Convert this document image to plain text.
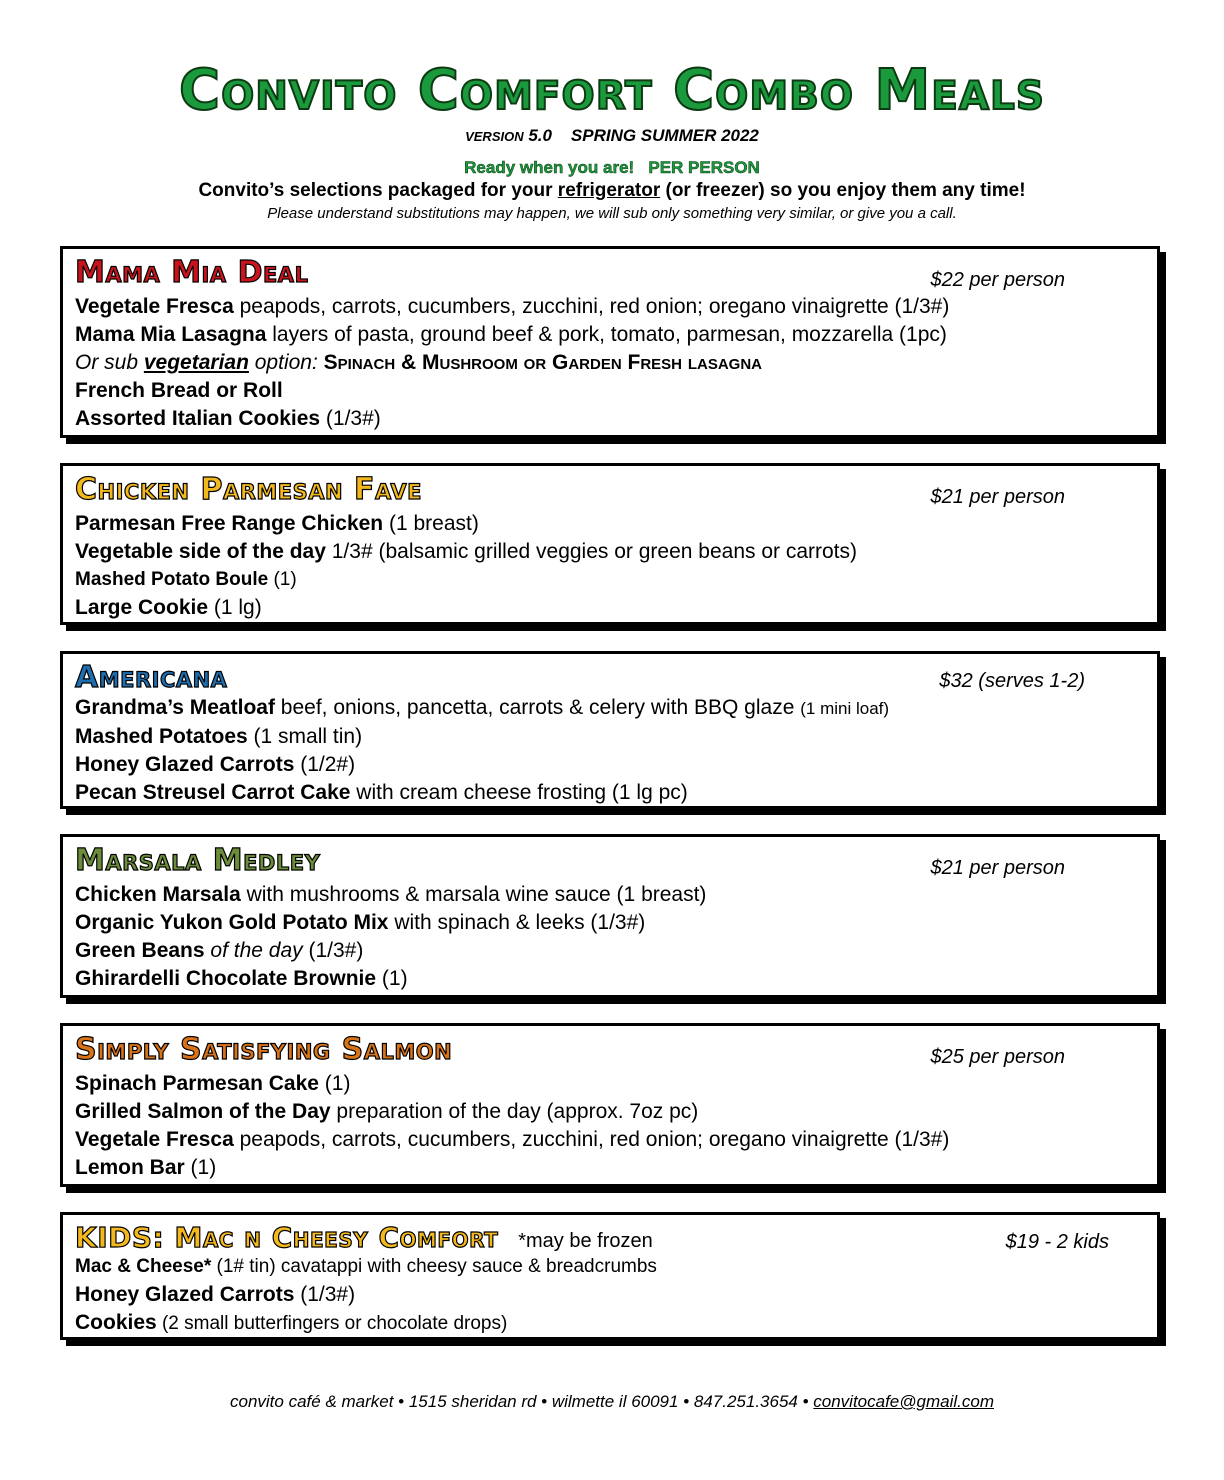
Convito Comfort Combo Meals
VERSION 5.0 SPRING SUMMER 2022
Ready when you are!   PER PERSON
Convito’s selections packaged for your refrigerator (or freezer) so you enjoy them any time!
Please understand substitutions may happen, we will sub only something very similar, or give you a call.
Mama Mia Deal	$22 per person
Vegetale Fresca peapods, carrots, cucumbers, zucchini, red onion; oregano vinaigrette (1/3#)
Mama Mia Lasagna layers of pasta, ground beef & pork, tomato, parmesan, mozzarella (1pc)
Or sub vegetarian option: Spinach & Mushroom or Garden Fresh lasagna
French Bread or Roll
Assorted Italian Cookies (1/3#)
Chicken Parmesan Fave	$21 per person
Parmesan Free Range Chicken (1 breast)
Vegetable side of the day 1/3# (balsamic grilled veggies or green beans or carrots)
Mashed Potato Boule (1)
Large Cookie (1 lg)
Americana	$32 (serves 1-2)
Grandma’s Meatloaf beef, onions, pancetta, carrots & celery with BBQ glaze (1 mini loaf)
Mashed Potatoes (1 small tin)
Honey Glazed Carrots (1/2#)
Pecan Streusel Carrot Cake with cream cheese frosting (1 lg pc)
Marsala Medley	$21 per person
Chicken Marsala with mushrooms & marsala wine sauce (1 breast)
Organic Yukon Gold Potato Mix with spinach & leeks (1/3#)
Green Beans of the day (1/3#)
Ghirardelli Chocolate Brownie (1)
Simply Satisfying Salmon	$25 per person
Spinach Parmesan Cake (1)
Grilled Salmon of the Day preparation of the day (approx. 7oz pc)
Vegetale Fresca peapods, carrots, cucumbers, zucchini, red onion; oregano vinaigrette (1/3#)
Lemon Bar (1)
KIDS: Mac n Cheesy Comfort *may be frozen	$19 - 2 kids
Mac & Cheese* (1# tin) cavatappi with cheesy sauce & breadcrumbs
Honey Glazed Carrots (1/3#)
Cookies (2 small butterfingers or chocolate drops)
convito café & market • 1515 sheridan rd • wilmette il 60091 • 847.251.3654 • convitocafe@gmail.com
